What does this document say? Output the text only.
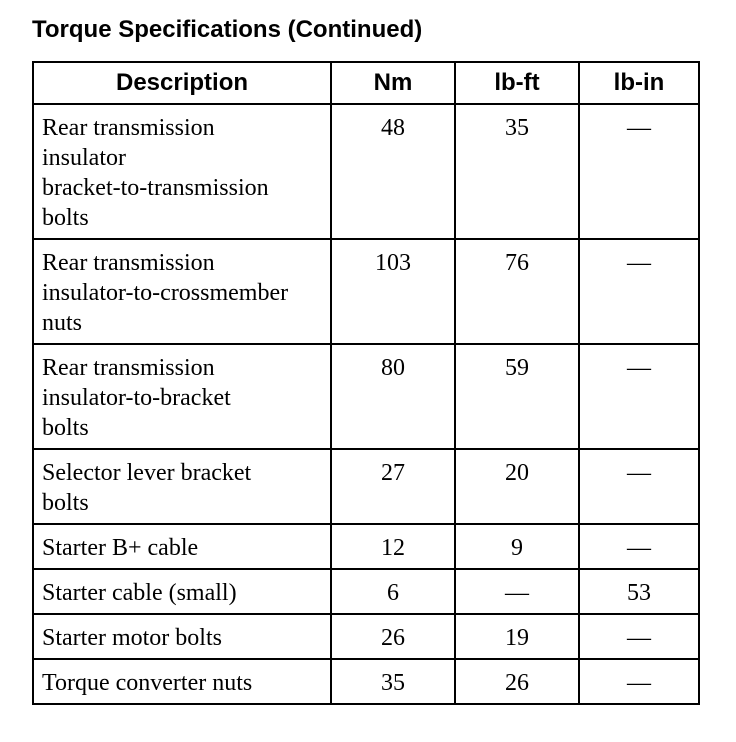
Torque Specifications (Continued)
Description	Nm	lb-ft	lb-in
Rear transmission
insulator
bracket-to-transmission
bolts	48	35	—
Rear transmission
insulator-to-crossmember
nuts	103	76	—
Rear transmission
insulator-to-bracket
bolts	80	59	—
Selector lever bracket
bolts	27	20	—
Starter B+ cable	12	9	—
Starter cable (small)	6	—	53
Starter motor bolts	26	19	—
Torque converter nuts	35	26	—
